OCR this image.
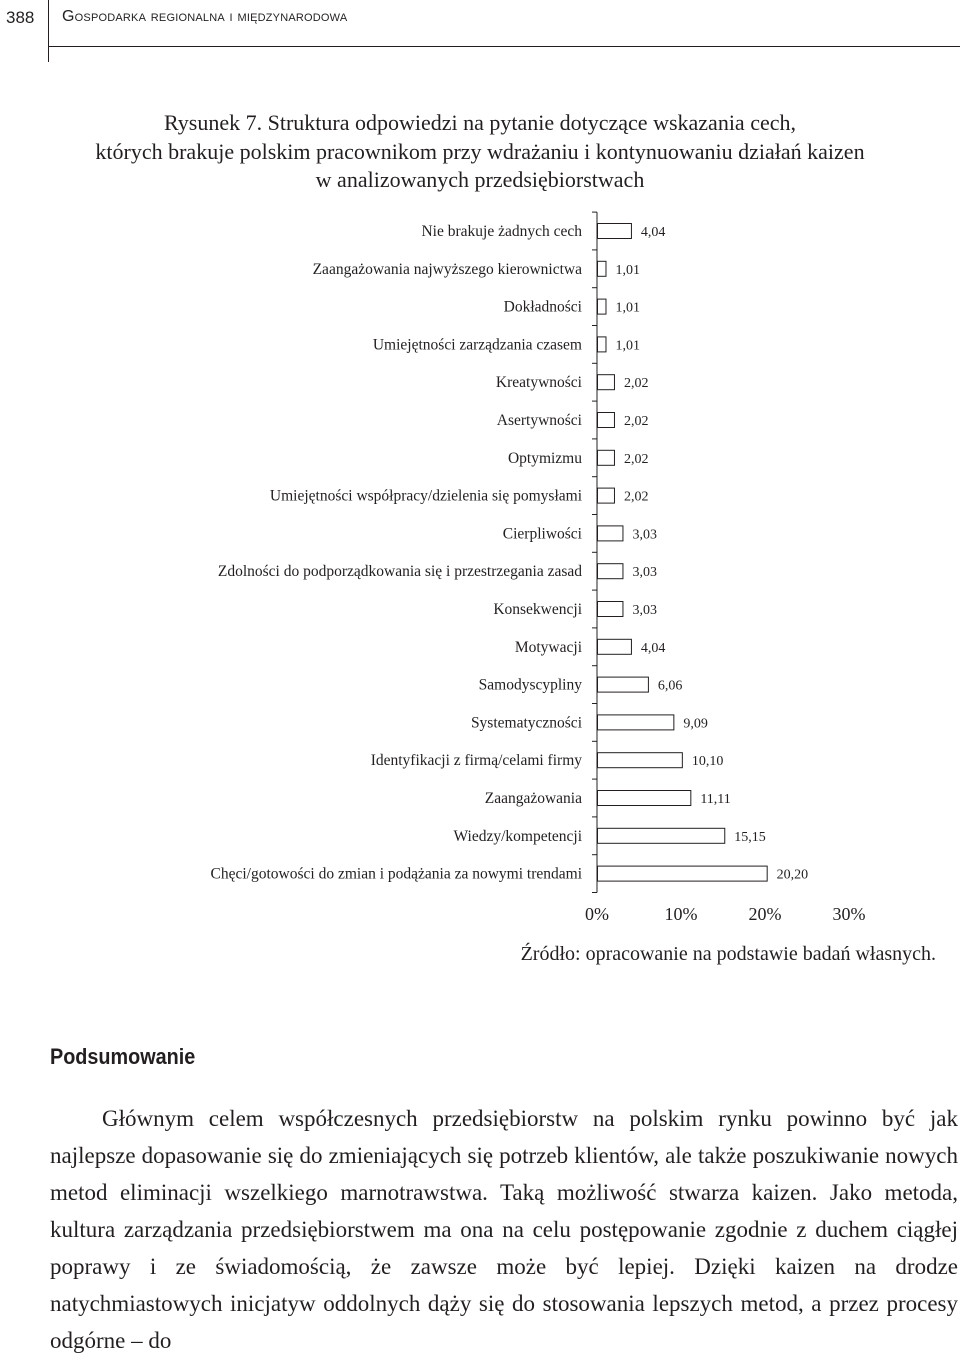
388 Gospodarka regionalna i międzynarodowa
Rysunek 7. Struktura odpowiedzi na pytanie dotyczące wskazania cech,
których brakuje polskim pracownikom przy wdrażaniu i kontynuowaniu działań kaizen
w analizowanych przedsiębiorstwach
Nie brakuje żadnych cech	4,04
Zaangażowania najwyższego kierownictwa 1,01
Dokładności 1,01
Umiejętności zarządzania czasem 1,01
Kreatywności	2,02
Asertywności	2,02
Optymizmu	2,02
Umiejętności współpracy/dzielenia się pomysłami	2,02
Cierpliwości	3,03
Zdolności do podporządkowania się i przestrzegania zasad	3,03
Konsekwencji	3,03
Motywacji	4,04
Samodyscypliny	6,06
Systematyczności	9,09
Identyfikacji z firmą/celami firmy	10,10
Zaangażowania	11,11
Wiedzy/kompetencji	15,15
Chęci/gotowości do zmian i podążania za nowymi trendami	20,20
0%	10%	20%	30%
Źródło: opracowanie na podstawie badań własnych.
Podsumowanie

Głównym celem współczesnych przedsiębiorstw na polskim rynku powinno być jak najlepsze dopasowanie się do zmieniających się potrzeb klientów, ale także poszukiwanie nowych metod eliminacji wszelkiego marnotrawstwa. Taką możliwość stwarza kaizen. Jako metoda, kultura zarządzania przedsiębiorstwem ma ona na celu postępowanie zgodnie z duchem ciągłej poprawy i ze świadomością, że zawsze może być lepiej. Dzięki kaizen na drodze natychmiastowych inicjatyw oddolnych dąży się do stosowania lepszych metod, a przez procesy odgórne – do
